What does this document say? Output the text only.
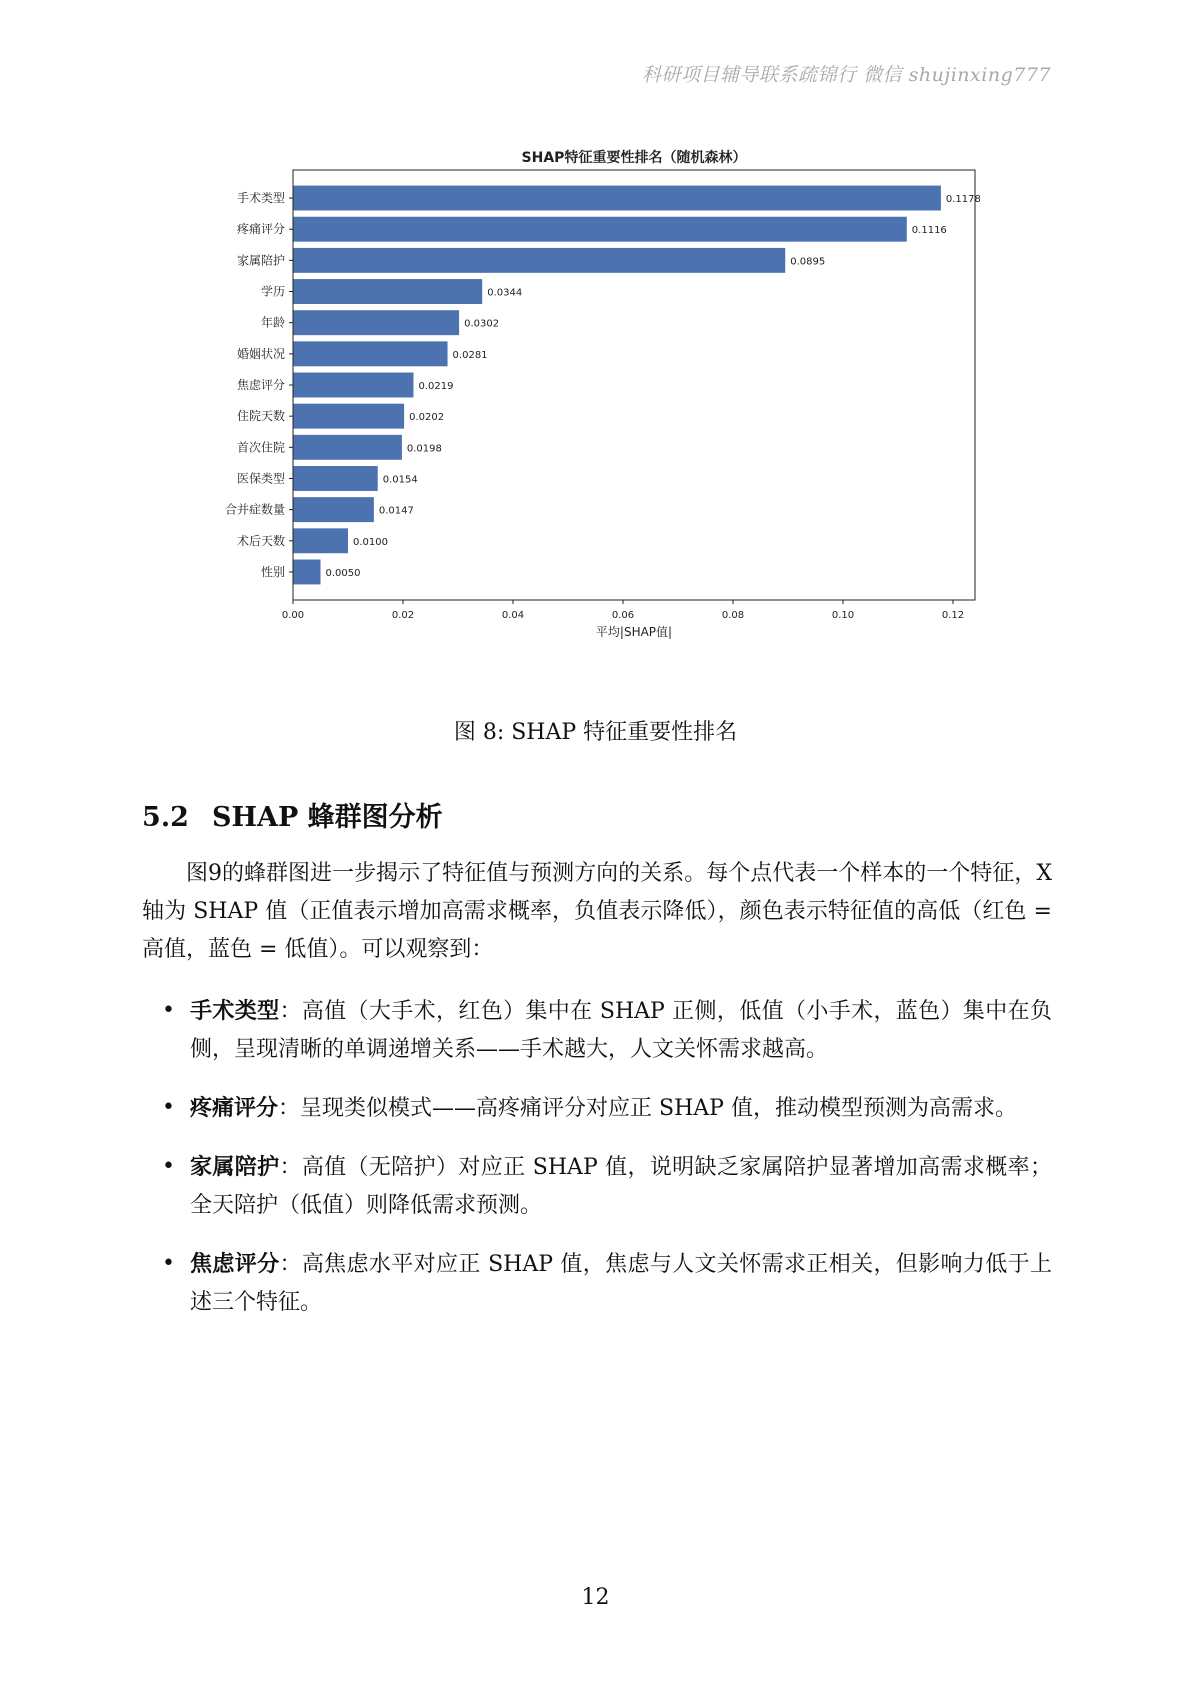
科研项目辅导联系疏锦行 微信 shujinxing777
SHAP特征重要性排名（随机森林）
手术类型	0.1178
疼痛评分	0.1116
家属陪护	0.0895
学历	0.0344
年龄	0.0302
婚姻状况	0.0281
焦虑评分	0.0219
住院天数	0.0202
首次住院	0.0198
医保类型	0.0154
合并症数量	0.0147
术后天数	0.0100
性别	0.0050
0.00	0.02	0.04	0.06	0.08	0.10	0.12
平均|SHAP值|
图 8: SHAP 特征重要性排名
5.2 SHAP 蜂群图分析
图9的蜂群图进一步揭示了特征值与预测方向的关系。每个点代表一个样本的一个特征，X 轴为 SHAP 值（正值表示增加高需求概率，负值表示降低），颜色表示特征值的高低（红色 = 高值，蓝色 = 低值）。可以观察到：
• 手术类型：高值（大手术，红色）集中在 SHAP 正侧，低值（小手术，蓝色）集中在负侧，呈现清晰的单调递增关系——手术越大，人文关怀需求越高。
• 疼痛评分：呈现类似模式——高疼痛评分对应正 SHAP 值，推动模型预测为高需求。
• 家属陪护：高值（无陪护）对应正 SHAP 值，说明缺乏家属陪护显著增加高需求概率；全天陪护（低值）则降低需求预测。
• 焦虑评分：高焦虑水平对应正 SHAP 值，焦虑与人文关怀需求正相关，但影响力低于上述三个特征。
12
